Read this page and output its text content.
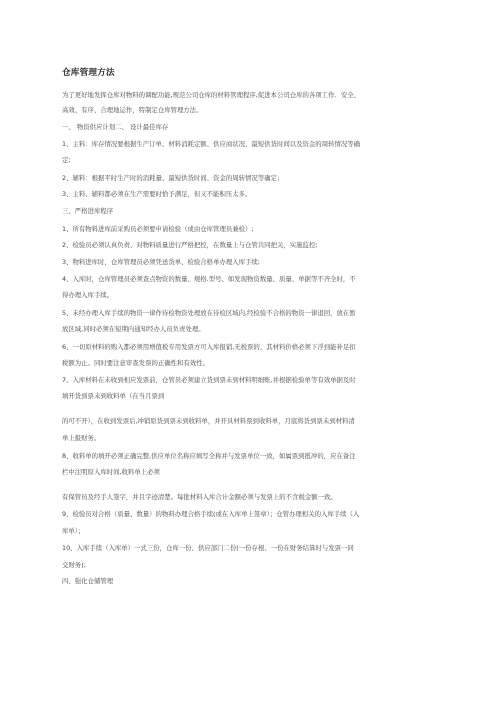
仓库管理方法
为了更好地发挥仓库对物料的调配功能,规范公司仓库的材料管理程序,促进本公司仓库的各项工作．安全、
高效、有序、合理地运作，特制定仓库管理方法。
一、 物资供应计划二、 设计最佳库存
1、主料：库存情况要根据生产订单、材料消耗定额、供应商状况、最短供货时间以及资金的周转情况等确
定;
2、辅料：根据平时生产时的消耗量、最短供货时间、资金的周转情况等确定；
3、主料、辅料都必须在生产需要时恰予满足，但又不能积压太多。
三、严格进库程序
1、所有物料进库前采购员必须要申请检验（或由仓库管理员兼检）;
2、检验员必须认真负责、对物料质量进行严格把控，在数量上与仓管共同把关，实施监控;
3、物料进库时，仓库管理员必须凭送货单、检验合格单办理入库手续;
4、入库时，仓库管理员必须查点物资的数量、规格.型号、如发现物资数量、质量、单据等不齐全时，不
得办理入库手续。
5、未经办理入库手续的物资一律作待检物资处理放在待检区域内,经检验不合格的物资一律退回，放在暂
放区域,同时必须在短期内通知经办人员负责处理。
6、一切原材料的购入都必须用增值税专用发票方可入库报销,无税票的，其材料价格必须下浮到能补足扣
税额为止。同时要注意审查发票的正确性和有效性。
7、入库材料在未收到相应发票前，仓管员必须建立货到票未到材料明细账,并根据检验单等有效单据及时
填开货到票未到收料单（在当月票到
的可不开），在收到发票后,冲销原货到票未到收料单，并开具材料票到收料单，月底将货到票未到材料清
单上报财务。
8、收料单的填开必须正确完整,供应单位名称应填写全称并与发票单位一致，如属票到抵冲的，应在备注
栏中注明原入库时间,收料单上必须
有保管员及经手人签字，并且字迹清楚。每批材料入库合计金额必须与发票上的不含税金额一致。
9、检验员对合格（质量、数量）的物料办理合格手续(或在入库单上签章）；仓管办理相关的入库手续（入
库单）；
10、入库手续（入库单）一式三份，仓库一份、供应部门二份(一份存根、一份在财务结算时与发票一同
交财务);
四、强化仓储管理
